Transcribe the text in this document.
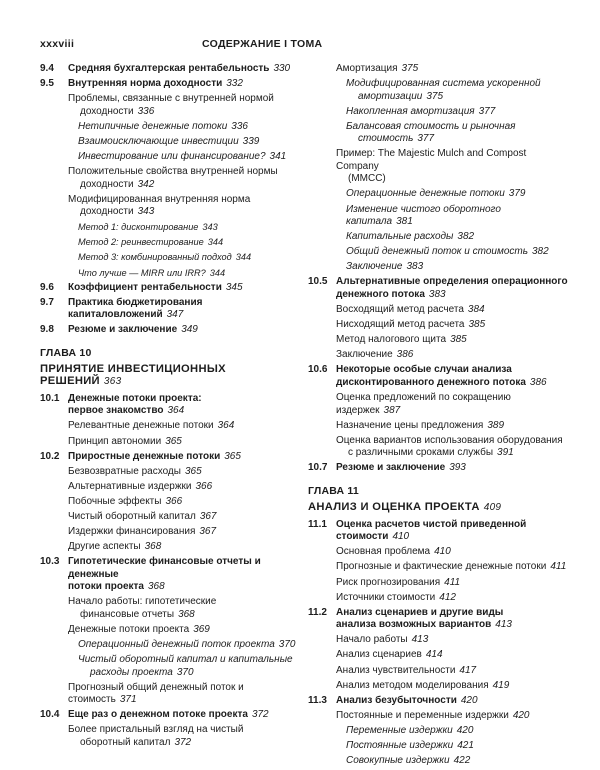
xxxviii	СОДЕРЖАНИЕ I ТОМА
9.4 Средняя бухгалтерская рентабельность 330
9.5 Внутренняя норма доходности 332
Проблемы, связанные с внутренней нормой
доходности 336
Нетипичные денежные потоки 336
Взаимоисключающие инвестиции 339
Инвестирование или финансирование? 341
Положительные свойства внутренней нормы
доходности 342
Модифицированная внутренняя норма
доходности 343
Метод 1: дисконтирование 343
Метод 2: реинвестирование 344
Метод 3: комбинированный подход 344
Что лучше — MIRR или IRR? 344
9.6 Коэффициент рентабельности 345
9.7 Практика бюджетирования
капиталовложений 347
9.8 Резюме и заключение 349
ГЛАВА 10
ПРИНЯТИЕ ИНВЕСТИЦИОННЫХ РЕШЕНИЙ 363
10.1 Денежные потоки проекта:
первое знакомство 364
Релевантные денежные потоки 364
Принцип автономии 365
10.2 Приростные денежные потоки 365
Безвозвратные расходы 365
Альтернативные издержки 366
Побочные эффекты 366
Чистый оборотный капитал 367
Издержки финансирования 367
Другие аспекты 368
10.3 Гипотетические финансовые отчеты и денежные
потоки проекта 368
Начало работы: гипотетические
финансовые отчеты 368
Денежные потоки проекта 369
Операционный денежный поток проекта 370
Чистый оборотный капитал и капитальные
расходы проекта 370
Прогнозный общий денежный поток и стоимость 371
10.4 Еще раз о денежном потоке проекта 372
Более пристальный взгляд на чистый
оборотный капитал 372
Амортизация 375
Модифицированная система ускоренной
амортизации 375
Накопленная амортизация 377
Балансовая стоимость и рыночная
стоимость 377
Пример: The Majestic Mulch and Compost Company
(MMCC)
Операционные денежные потоки 379
Изменение чистого оборотного капитала 381
Капитальные расходы 382
Общий денежный поток и стоимость 382
Заключение 383
10.5 Альтернативные определения операционного
денежного потока 383
Восходящий метод расчета 384
Нисходящий метод расчета 385
Метод налогового щита 385
Заключение 386
10.6 Некоторые особые случаи анализа
дисконтированного денежного потока 386
Оценка предложений по сокращению издержек 387
Назначение цены предложения 389
Оценка вариантов использования оборудования
с различными сроками службы 391
10.7 Резюме и заключение 393
ГЛАВА 11
АНАЛИЗ И ОЦЕНКА ПРОЕКТА 409
11.1 Оценка расчетов чистой приведенной
стоимости 410
Основная проблема 410
Прогнозные и фактические денежные потоки 411
Риск прогнозирования 411
Источники стоимости 412
11.2 Анализ сценариев и другие виды
анализа возможных вариантов 413
Начало работы 413
Анализ сценариев 414
Анализ чувствительности 417
Анализ методом моделирования 419
11.3 Анализ безубыточности 420
Постоянные и переменные издержки 420
Переменные издержки 420
Постоянные издержки 421
Совокупные издержки 422
